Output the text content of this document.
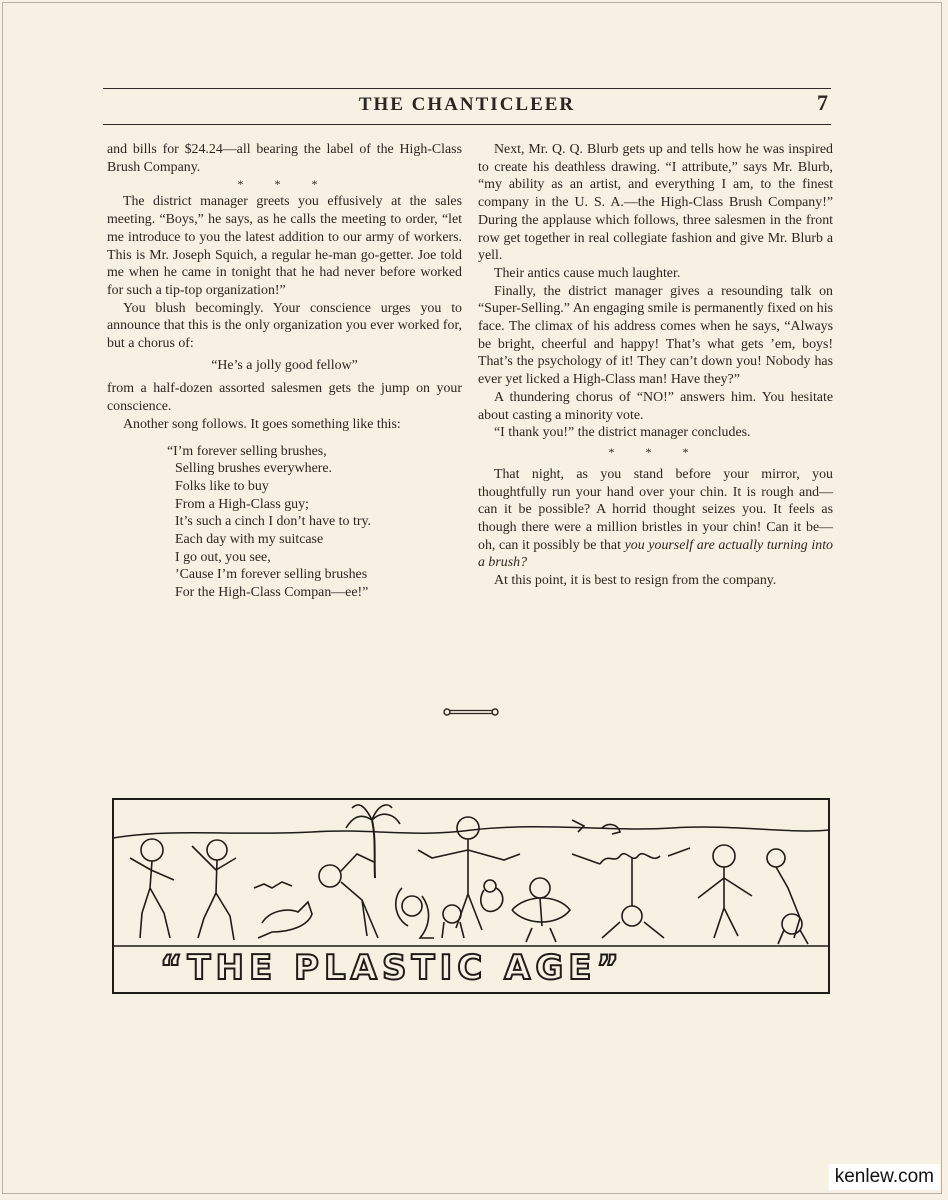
THE CHANTICLEER	7

and bills for $24.24—all bearing the label of the High-Class Brush Company.

* * *

The district manager greets you effusively at the sales meeting. “Boys,” he says, as he calls the meeting to order, “let me introduce to you the latest addition to our army of workers. This is Mr. Joseph Squich, a regular he-man go-getter. Joe told me when he came in tonight that he had never before worked for such a tip-top organization!”

You blush becomingly. Your conscience urges you to announce that this is the only organization you ever worked for, but a chorus of:

“He’s a jolly good fellow”

from a half-dozen assorted salesmen gets the jump on your conscience.

Another song follows. It goes something like this:

“I’m forever selling brushes,
Selling brushes everywhere.
Folks like to buy
From a High-Class guy;
It’s such a cinch I don’t have to try.
Each day with my suitcase
I go out, you see,
’Cause I’m forever selling brushes
For the High-Class Compan—ee!”

Next, Mr. Q. Q. Blurb gets up and tells how he was inspired to create his deathless drawing. “I attribute,” says Mr. Blurb, “my ability as an artist, and everything I am, to the finest company in the U. S. A.—the High-Class Brush Company!” During the applause which follows, three salesmen in the front row get together in real collegiate fashion and give Mr. Blurb a yell.

Their antics cause much laughter.

Finally, the district manager gives a resounding talk on “Super-Selling.” An engaging smile is permanently fixed on his face. The climax of his address comes when he says, “Always be bright, cheerful and happy! That’s what gets ’em, boys! That’s the psychology of it! They can’t down you! Nobody has ever yet licked a High-Class man! Have they?”

A thundering chorus of “NO!” answers him. You hesitate about casting a minority vote.

“I thank you!” the district manager concludes.

* * *

That night, as you stand before your mirror, you thoughtfully run your hand over your chin. It is rough and—can it be possible? A horrid thought seizes you. It feels as though there were a million bristles in your chin! Can it be—oh, can it possibly be that you yourself are actually turning into a brush?

At this point, it is best to resign from the company.

“THE PLASTIC AGE”
kenlew.com
